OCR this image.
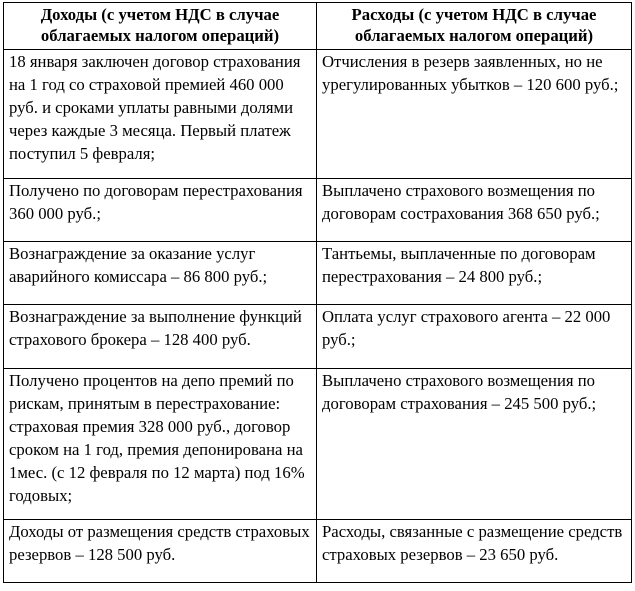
Доходы (с учетом НДС в случае облагаемых налогом операций)	Расходы (с учетом НДС в случае облагаемых налогом операций)
18 января заключен договор страхования на 1 год со страховой премией 460 000 руб. и сроками уплаты равными долями через каждые 3 месяца. Первый платеж поступил 5 февраля;	Отчисления в резерв заявленных, но не урегулированных убытков – 120 600 руб.;
Получено по договорам перестрахования 360 000 руб.;	Выплачено страхового возмещения по договорам сострахования 368 650 руб.;
Вознаграждение за оказание услуг аварийного комиссара – 86 800 руб.;	Тантьемы, выплаченные по договорам перестрахования – 24 800 руб.;
Вознаграждение за выполнение функций страхового брокера – 128 400 руб.	Оплата услуг страхового агента – 22 000 руб.;
Получено процентов на депо премий по рискам, принятым в перестрахование: страховая премия 328 000 руб., договор сроком на 1 год, премия депонирована на 1мес. (с 12 февраля по 12 марта) под 16% годовых;	Выплачено страхового возмещения по договорам страхования – 245 500 руб.;
Доходы от размещения средств страховых резервов – 128 500 руб.	Расходы, связанные с размещение средств страховых резервов – 23 650 руб.
